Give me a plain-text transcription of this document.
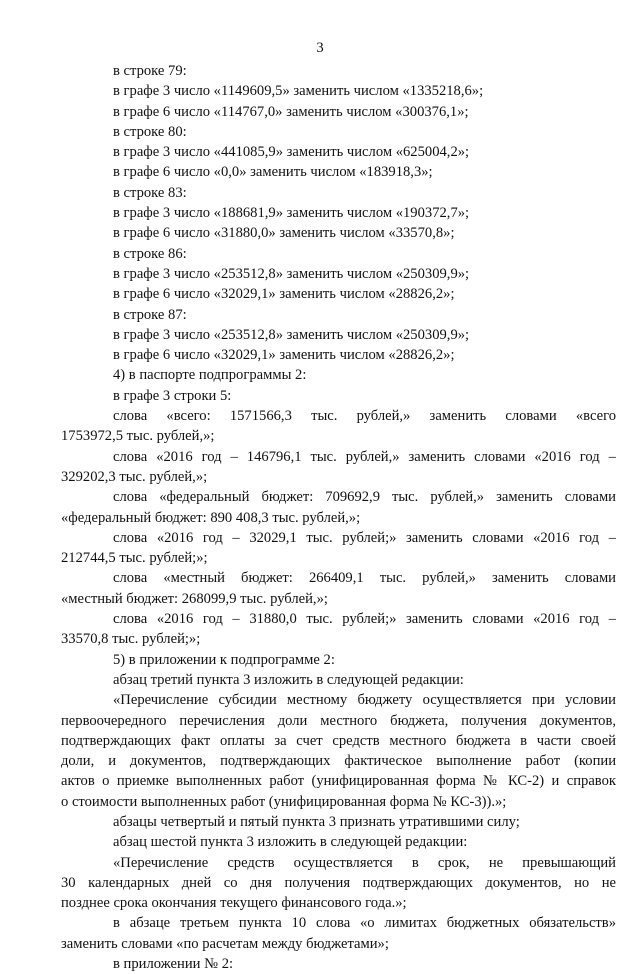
3
в строке 79:
в графе 3 число «1149609,5» заменить числом «1335218,6»;
в графе 6 число «114767,0» заменить числом «300376,1»;
в строке 80:
в графе 3 число «441085,9» заменить числом «625004,2»;
в графе 6 число «0,0» заменить числом «183918,3»;
в строке 83:
в графе 3 число «188681,9» заменить числом «190372,7»;
в графе 6 число «31880,0» заменить числом «33570,8»;
в строке 86:
в графе 3 число «253512,8» заменить числом «250309,9»;
в графе 6 число «32029,1» заменить числом «28826,2»;
в строке 87:
в графе 3 число «253512,8» заменить числом «250309,9»;
в графе 6 число «32029,1» заменить числом «28826,2»;
4) в паспорте подпрограммы 2:
в графе 3 строки 5:
слова «всего: 1571566,3 тыс. рублей,» заменить словами «всего
1753972,5 тыс. рублей,»;
слова «2016 год – 146796,1 тыс. рублей,» заменить словами «2016 год –
329202,3 тыс. рублей,»;
слова «федеральный бюджет: 709692,9 тыс. рублей,» заменить словами
«федеральный бюджет: 890 408,3 тыс. рублей,»;
слова «2016 год – 32029,1 тыс. рублей;» заменить словами «2016 год –
212744,5 тыс. рублей;»;
слова «местный бюджет: 266409,1 тыс. рублей,» заменить словами
«местный бюджет: 268099,9 тыс. рублей,»;
слова «2016 год – 31880,0 тыс. рублей;» заменить словами «2016 год –
33570,8 тыс. рублей;»;
5) в приложении к подпрограмме 2:
абзац третий пункта 3 изложить в следующей редакции:
«Перечисление субсидии местному бюджету осуществляется при условии
первоочередного перечисления доли местного бюджета, получения документов,
подтверждающих факт оплаты за счет средств местного бюджета в части своей
доли, и документов, подтверждающих фактическое выполнение работ (копии
актов о приемке выполненных работ (унифицированная форма № КС-2) и справок
о стоимости выполненных работ (унифицированная форма № КС-3)).»;
абзацы четвертый и пятый пункта 3 признать утратившими силу;
абзац шестой пункта 3 изложить в следующей редакции:
«Перечисление средств осуществляется в срок, не превышающий
30 календарных дней со дня получения подтверждающих документов, но не
позднее срока окончания текущего финансового года.»;
в абзаце третьем пункта 10 слова «о лимитах бюджетных обязательств»
заменить словами «по расчетам между бюджетами»;
в приложении № 2:
